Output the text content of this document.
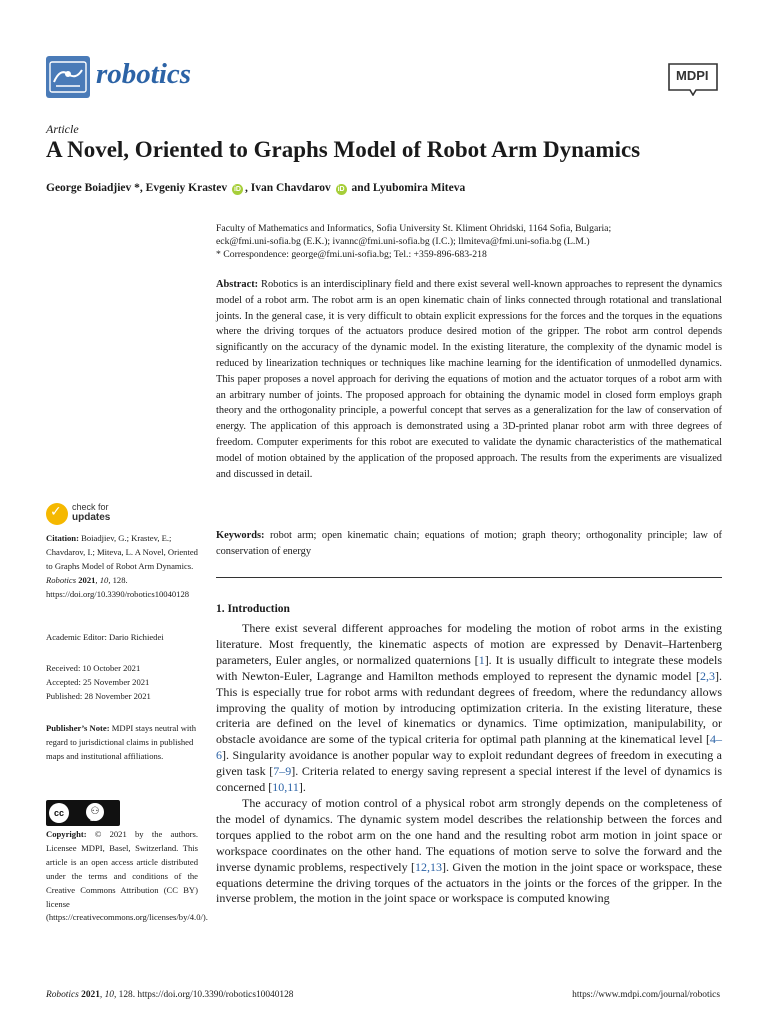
robotics	MDPI
Article
A Novel, Oriented to Graphs Model of Robot Arm Dynamics
George Boiadjiev *, Evgeniy Krastev iD , Ivan Chavdarov iD and Lyubomira Miteva
Faculty of Mathematics and Informatics, Sofia University St. Kliment Ohridski, 1164 Sofia, Bulgaria;
eck@fmi.uni-sofia.bg (E.K.); ivannc@fmi.uni-sofia.bg (I.C.); llmiteva@fmi.uni-sofia.bg (L.M.)
* Correspondence: george@fmi.uni-sofia.bg; Tel.: +359-896-683-218
Abstract: Robotics is an interdisciplinary field and there exist several well-known approaches to represent the dynamics model of a robot arm. The robot arm is an open kinematic chain of links connected through rotational and translational joints. In the general case, it is very difficult to obtain explicit expressions for the forces and the torques in the equations where the driving torques of the actuators produce desired motion of the gripper. The robot arm control depends significantly on the accuracy of the dynamic model. In the existing literature, the complexity of the dynamic model is reduced by linearization techniques or techniques like machine learning for the identification of unmodelled dynamics. This paper proposes a novel approach for deriving the equations of motion and the actuator torques of a robot arm with an arbitrary number of joints. The proposed approach for obtaining the dynamic model in closed form employs graph theory and the orthogonality principle, a powerful concept that serves as a generalization for the law of conservation of energy. The application of this approach is demonstrated using a 3D-printed planar robot arm with three degrees of freedom. Computer experiments for this robot are executed to validate the dynamic characteristics of the mathematical model of motion obtained by the application of the proposed approach. The results from the experiments are visualized and discussed in detail.
Keywords: robot arm; open kinematic chain; equations of motion; graph theory; orthogonality principle; law of conservation of energy
1. Introduction

There exist several different approaches for modeling the motion of robot arms in the existing literature. Most frequently, the kinematic aspects of motion are expressed by Denavit–Hartenberg parameters, Euler angles, or normalized quaternions [1]. It is usually difficult to integrate these models with Newton-Euler, Lagrange and Hamilton methods employed to represent the dynamic model [2,3]. This is especially true for robot arms with redundant degrees of freedom, where the redundancy allows improving the quality of motion by introducing optimization criteria. In the existing literature, these criteria are defined on the level of kinematics or dynamics. Time optimization, manipulability, or obstacle avoidance are some of the typical criteria for optimal path planning at the kinematical level [4–6]. Singularity avoidance is another popular way to exploit redundant degrees of freedom in executing a given task [7–9]. Criteria related to energy saving represent a special interest if the level of dynamics is concerned [10,11].

The accuracy of motion control of a physical robot arm strongly depends on the completeness of the model of dynamics. The dynamic system model describes the relationship between the forces and torques applied to the robot arm on the one hand and the resulting robot arm motion in joint space or workspace coordinates on the other hand. The equations of motion serve to solve the forward and the inverse dynamic problems, respectively [12,13]. Given the motion in the joint space or workspace, these equations determine the driving torques of the actuators in the joints or the forces of the gripper. In the inverse problem, the motion in the joint space or workspace is computed knowing

✓ check for
updates
Citation: Boiadjiev, G.; Krastev, E.; Chavdarov, I.; Miteva, L. A Novel, Oriented to Graphs Model of Robot Arm Dynamics. Robotics 2021, 10, 128. https://doi.org/10.3390/robotics10040128
Academic Editor: Dario Richiedei
Received: 10 October 2021
Accepted: 25 November 2021
Published: 28 November 2021
Publisher’s Note: MDPI stays neutral with regard to jurisdictional claims in published maps and institutional affiliations.
cc	⚇
BY
Copyright: © 2021 by the authors. Licensee MDPI, Basel, Switzerland. This article is an open access article distributed under the terms and conditions of the Creative Commons Attribution (CC BY) license (https://creativecommons.org/licenses/by/4.0/).
Robotics 2021, 10, 128. https://doi.org/10.3390/robotics10040128	https://www.mdpi.com/journal/robotics
